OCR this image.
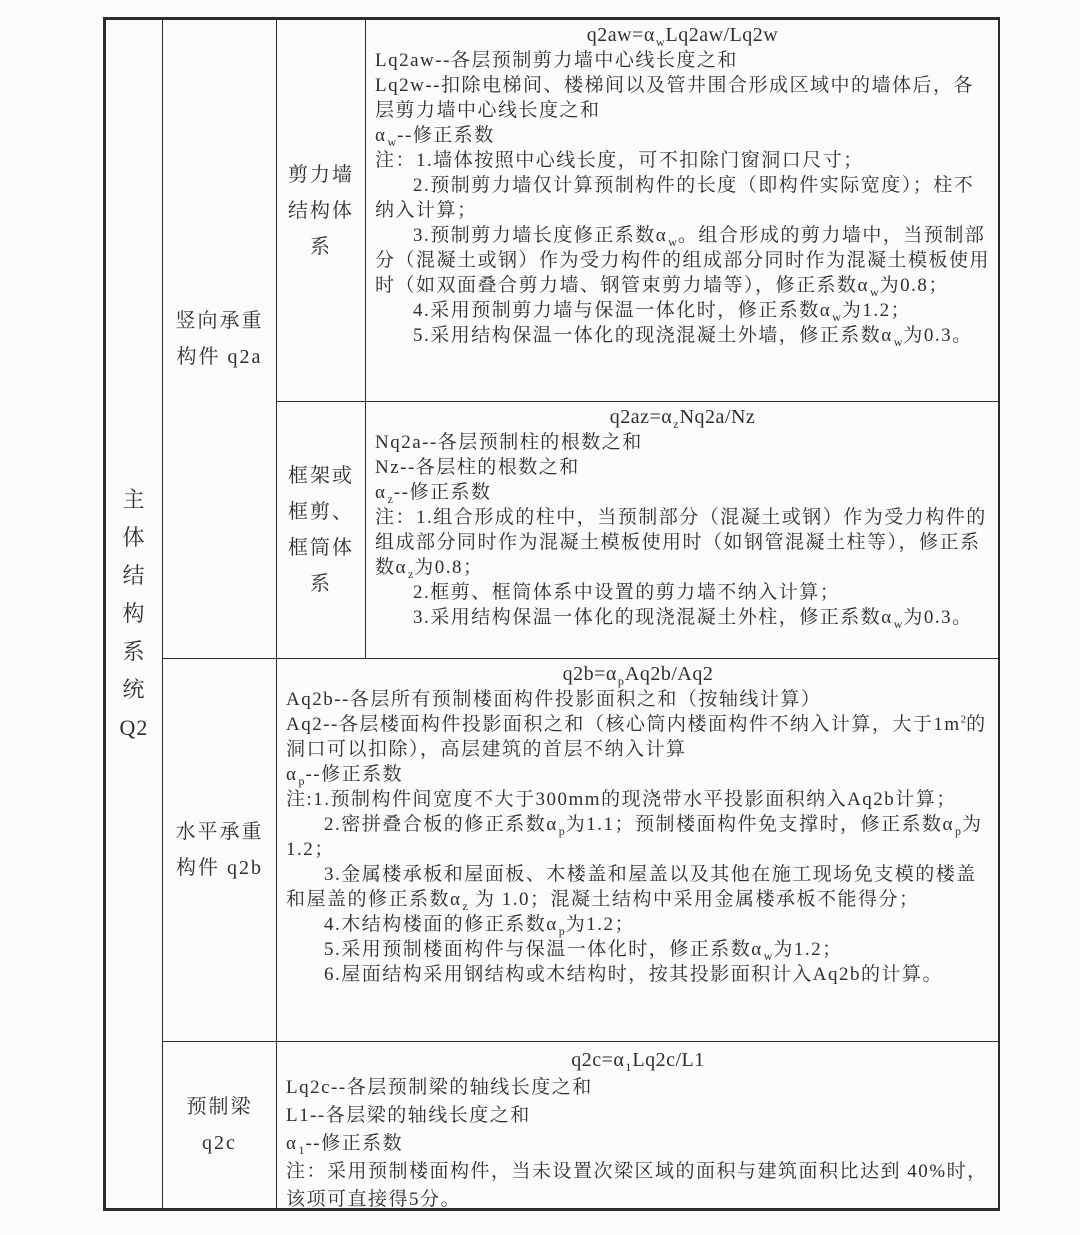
主
体
结
构
系
统
Q2
竖向承重
构件 q2a
剪力墙
结构体
系
$q2aw=\alpha_wLq2aw/Lq2w$
Lq2aw--各层预制剪力墙中心线长度之和
Lq2w--扣除电梯间、楼梯间以及管井围合形成区域中的墙体后，各层剪力墙中心线长度之和
$\alpha_w--$修正系数
注：1.墙体按照中心线长度，可不扣除门窗洞口尺寸；
2.预制剪力墙仅计算预制构件的长度（即构件实际宽度）；柱不纳入计算；
3.预制剪力墙长度修正系数$\alpha_w$。组合形成的剪力墙中，当预制部分（混凝土或钢）作为受力构件的组成部分同时作为混凝土模板使用时（如双面叠合剪力墙、钢管束剪力墙等），修正系数$\alpha_w$为0.8；
4.采用预制剪力墙与保温一体化时，修正系数$\alpha_w$为1.2；
5.采用结构保温一体化的现浇混凝土外墙，修正系数$\alpha_w$为0.3。
框架或
框剪、
框筒体
系
$q2az=\alpha_zNq2a/Nz$
Nq2a--各层预制柱的根数之和
Nz--各层柱的根数之和
$\alpha_z--$修正系数
注：1.组合形成的柱中，当预制部分（混凝土或钢）作为受力构件的组成部分同时作为混凝土模板使用时（如钢管混凝土柱等），修正系数$\alpha_z$为0.8；
2.框剪、框筒体系中设置的剪力墙不纳入计算；
3.采用结构保温一体化的现浇混凝土外柱，修正系数$\alpha_w$为0.3。
水平承重
构件 q2b
$q2b=\alpha_pAq2b/Aq2$
Aq2b--各层所有预制楼面构件投影面积之和（按轴线计算）
Aq2--各层楼面构件投影面积之和（核心筒内楼面构件不纳入计算，大于$1m^2$的洞口可以扣除），高层建筑的首层不纳入计算
$\alpha_p--$修正系数
注:1.预制构件间宽度不大于300mm的现浇带水平投影面积纳入Aq2b计算；
2.密拼叠合板的修正系数$\alpha_p$为1.1；预制楼面构件免支撑时，修正系数$\alpha_p$为1.2；
3.金属楼承板和屋面板、木楼盖和屋盖以及其他在施工现场免支模的楼盖和屋盖的修正系数$\alpha_z$ 为 1.0；混凝土结构中采用金属楼承板不能得分；
4.木结构楼面的修正系数$\alpha_p$为1.2；
5.采用预制楼面构件与保温一体化时，修正系数$\alpha_w$为1.2；
6.屋面结构采用钢结构或木结构时，按其投影面积计入Aq2b的计算。
预制梁
q2c
$q2c=\alpha_1Lq2c/L1$
Lq2c--各层预制梁的轴线长度之和
L1--各层梁的轴线长度之和
$\alpha_1--$修正系数
注：采用预制楼面构件，当未设置次梁区域的面积与建筑面积比达到 40%时，该项可直接得5分。
